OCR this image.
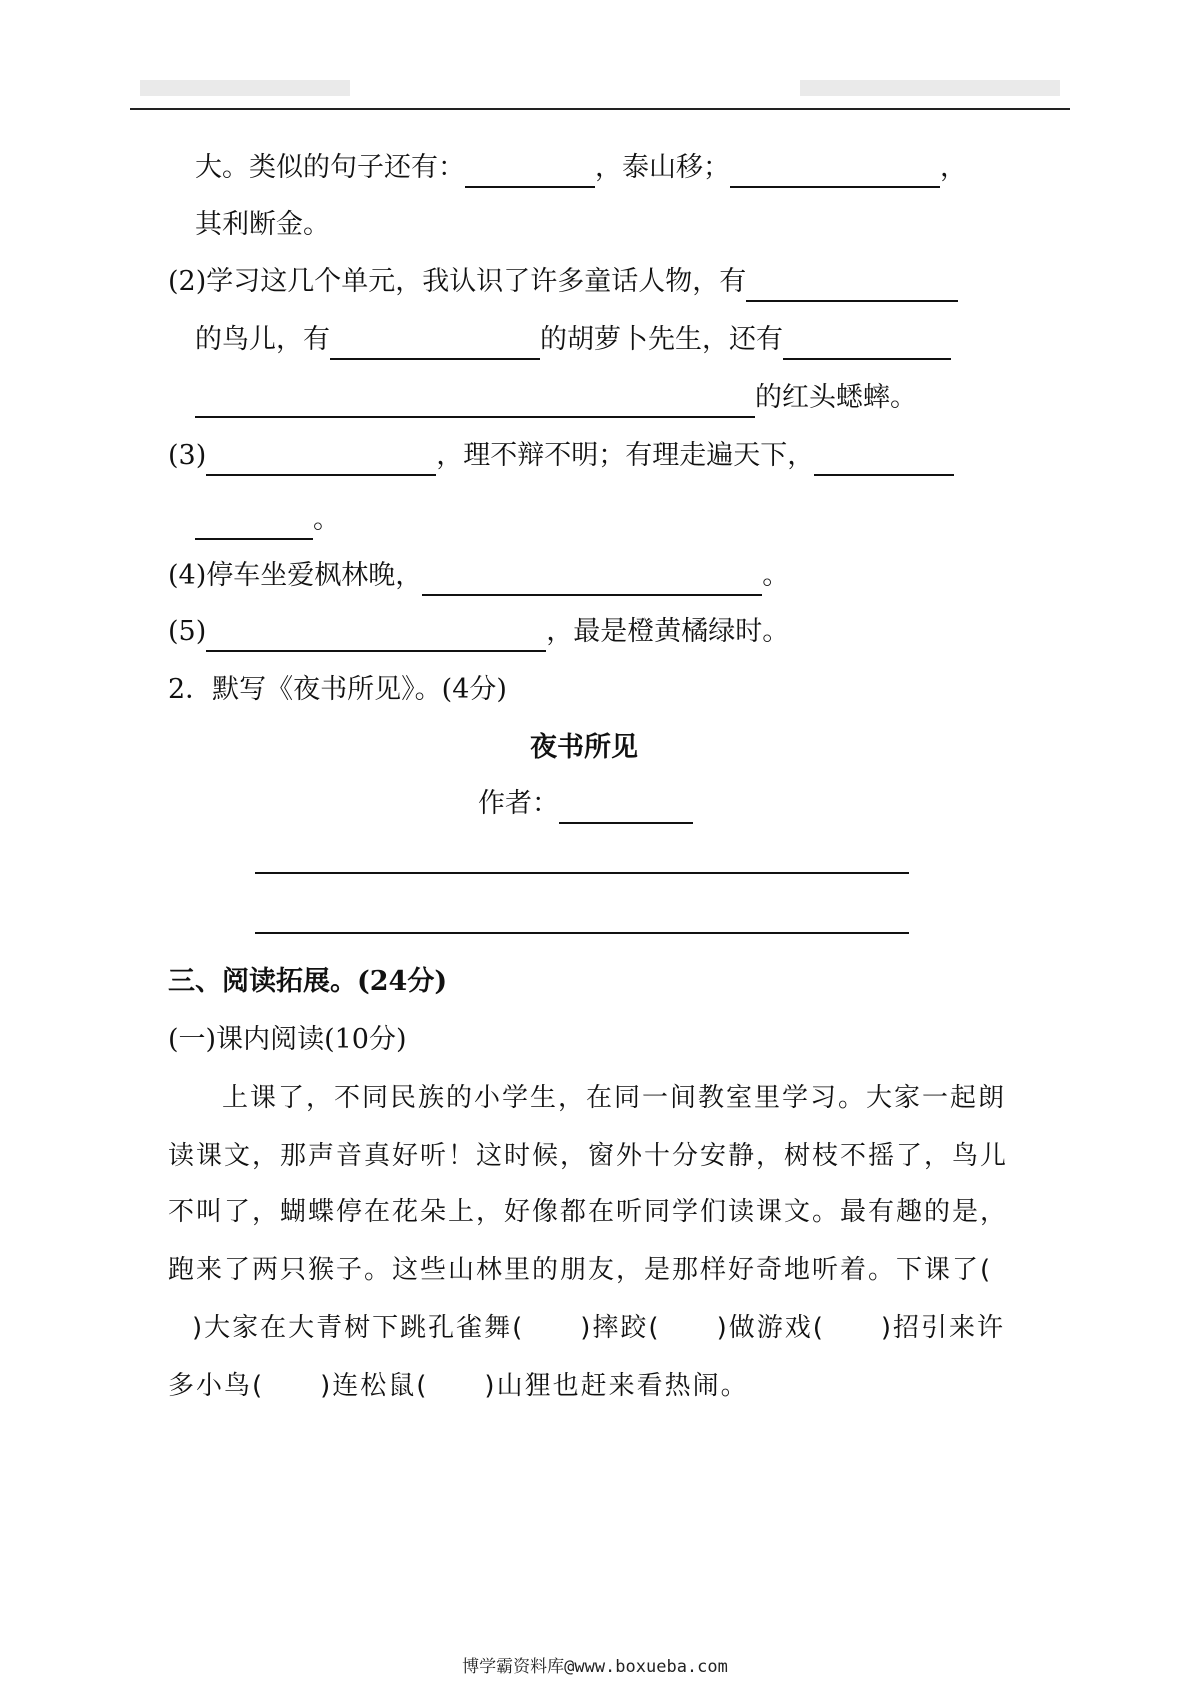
大。类似的句子还有：	，泰山移；	，
其利断金。
(2)学习这几个单元，我认识了许多童话人物，有
的鸟儿，有	的胡萝卜先生，还有
的红头蟋蟀。
(3)	，理不辩不明；有理走遍天下，
。
(4)停车坐爱枫林晚，	。
(5)	，最是橙黄橘绿时。
2．默写《夜书所见》。(4分)
夜书所见
作者：
三、阅读拓展。(24分)
(一)课内阅读(10分)
上课了，不同民族的小学生，在同一间教室里学习。大家一起朗
读课文，那声音真好听！这时候，窗外十分安静，树枝不摇了，鸟儿
不叫了，蝴蝶停在花朵上，好像都在听同学们读课文。最有趣的是，
跑来了两只猴子。这些山林里的朋友，是那样好奇地听着。下课了(
)大家在大青树下跳孔雀舞(　　)摔跤(　　)做游戏(　　)招引来许
多小鸟(　　)连松鼠(　　)山狸也赶来看热闹。
博学霸资料库@www.boxueba.com
